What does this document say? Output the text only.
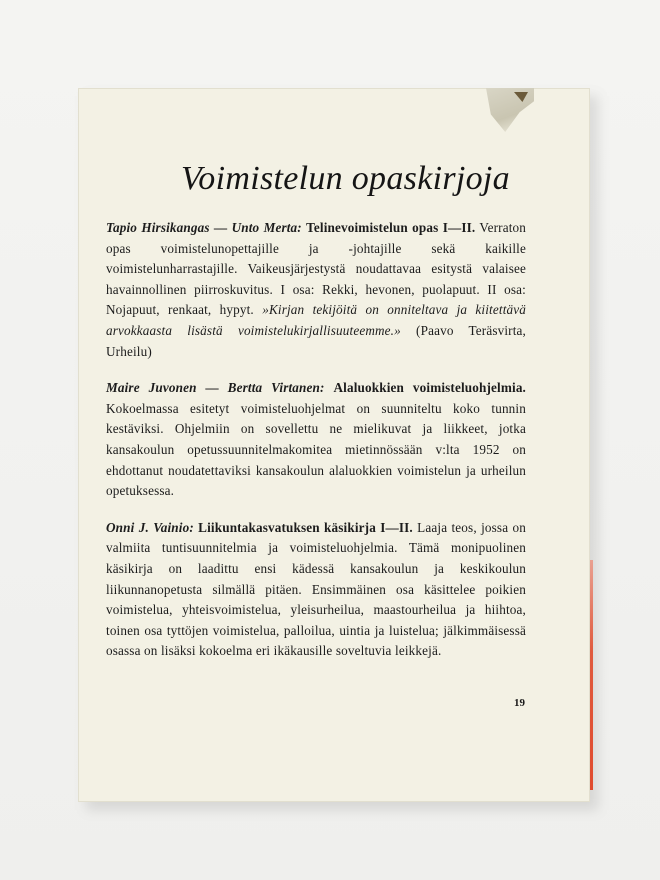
Voimistelun opaskirjoja

Tapio Hirsikangas — Unto Merta: Telinevoimistelun opas I—II. Verraton opas voimistelunopettajille ja -johtajille sekä kaikille voimistelunharrastajille. Vaikeusjärjestystä noudattavaa esitystä valaisee havainnollinen piirroskuvitus. I osa: Rekki, hevonen, puolapuut. II osa: Nojapuut, renkaat, hypyt. »Kirjan tekijöitä on onniteltava ja kiitettävä arvokkaasta lisästä voimistelukirjallisuuteemme.» (Paavo Teräsvirta, Urheilu)

Maire Juvonen — Bertta Virtanen: Alaluokkien voimisteluohjelmia. Kokoelmassa esitetyt voimisteluohjelmat on suunniteltu koko tunnin kestäviksi. Ohjelmiin on sovellettu ne mielikuvat ja liikkeet, jotka kansakoulun opetussuunnitelmakomitea mietinnössään v:lta 1952 on ehdottanut noudatettaviksi kansakoulun alaluokkien voimistelun ja urheilun opetuksessa.

Onni J. Vainio: Liikuntakasvatuksen käsikirja I—II. Laaja teos, jossa on valmiita tuntisuunnitelmia ja voimisteluohjelmia. Tämä monipuolinen käsikirja on laadittu ensi kädessä kansakoulun ja keskikoulun liikunnanopetusta silmällä pitäen. Ensimmäinen osa käsittelee poikien voimistelua, yhteisvoimistelua, yleisurheilua, maastourheilua ja hiihtoa, toinen osa tyttöjen voimistelua, palloilua, uintia ja luistelua; jälkimmäisessä osassa on lisäksi kokoelma eri ikäkausille soveltuvia leikkejä.

19
